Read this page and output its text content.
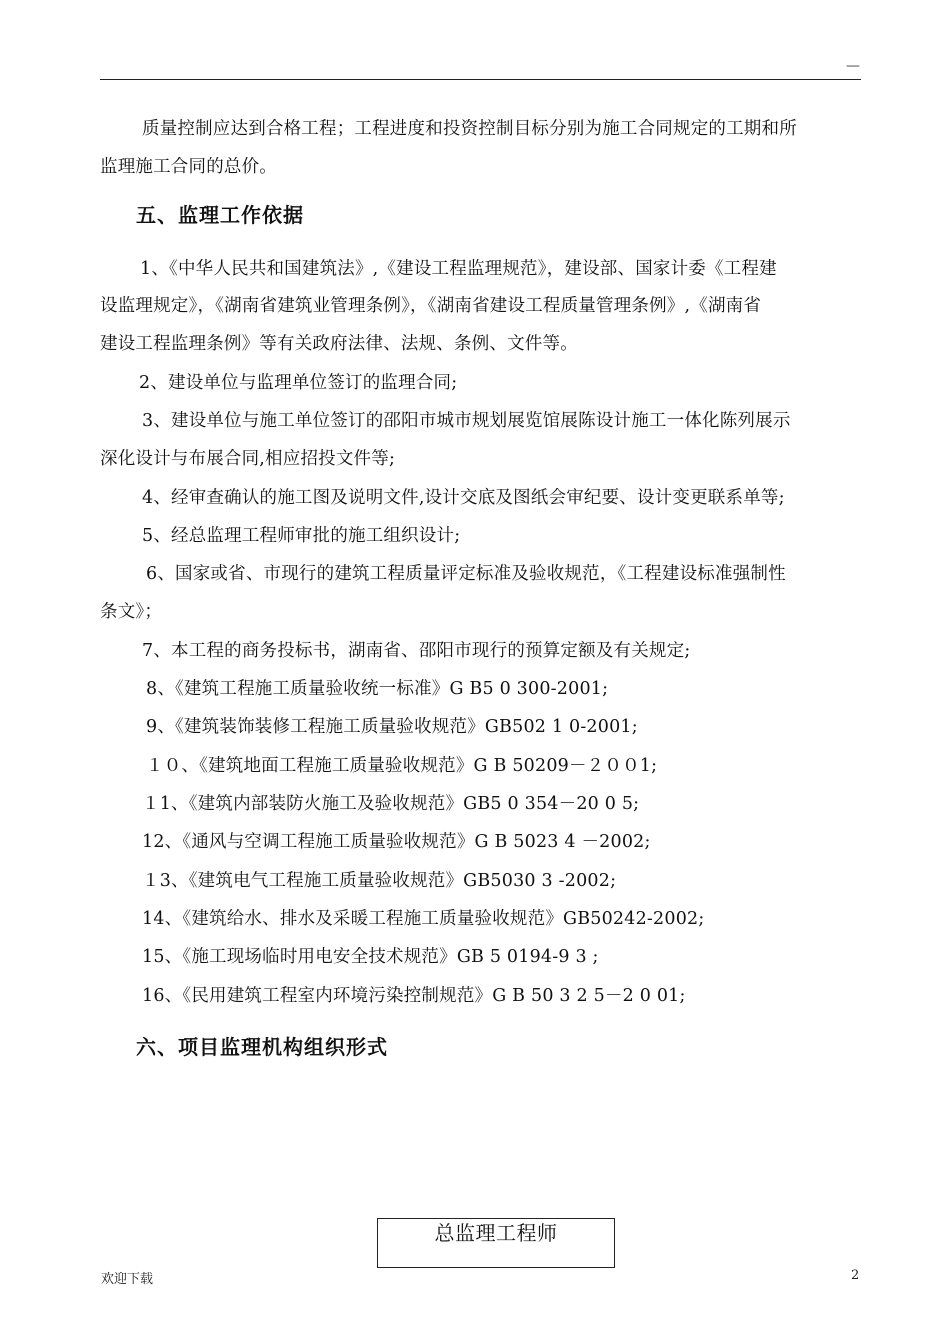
—
质量控制应达到合格工程；工程进度和投资控制目标分别为施工合同规定的工期和所
监理施工合同的总价。
五、监理工作依据
1、《中华人民共和国建筑法》,《建设工程监理规范》，建设部、国家计委《工程建
设监理规定》，《湖南省建筑业管理条例》，《湖南省建设工程质量管理条例》,《湖南省
建设工程监理条例》等有关政府法律、法规、条例、文件等。
2、建设单位与监理单位签订的监理合同;
3、建设单位与施工单位签订的邵阳市城市规划展览馆展陈设计施工一体化陈列展示
深化设计与布展合同,相应招投文件等;
4、经审查确认的施工图及说明文件,设计交底及图纸会审纪要、设计变更联系单等;
5、经总监理工程师审批的施工组织设计;
6、国家或省、市现行的建筑工程质量评定标准及验收规范，《工程建设标准强制性
条文》；
7、本工程的商务投标书，湖南省、邵阳市现行的预算定额及有关规定;
8、《建筑工程施工质量验收统一标准》G B5 0 300-2001;
9、《建筑装饰装修工程施工质量验收规范》GB502 1 0-2001;
１０、《建筑地面工程施工质量验收规范》G B 50209－２００1;
１1、《建筑内部装防火施工及验收规范》GB5 0 354－20 0 5;
12、《通风与空调工程施工质量验收规范》G B 5023 4 －2002;
１3、《建筑电气工程施工质量验收规范》GB5030 3 -2002;
14、《建筑给水、排水及采暖工程施工质量验收规范》GB50242-2002;
15、《施工现场临时用电安全技术规范》GB 5 0194-9 3 ;
16、《民用建筑工程室内环境污染控制规范》G B 50 3 2 5－2 0 01;
六、项目监理机构组织形式
总监理工程师
欢迎下载	2
